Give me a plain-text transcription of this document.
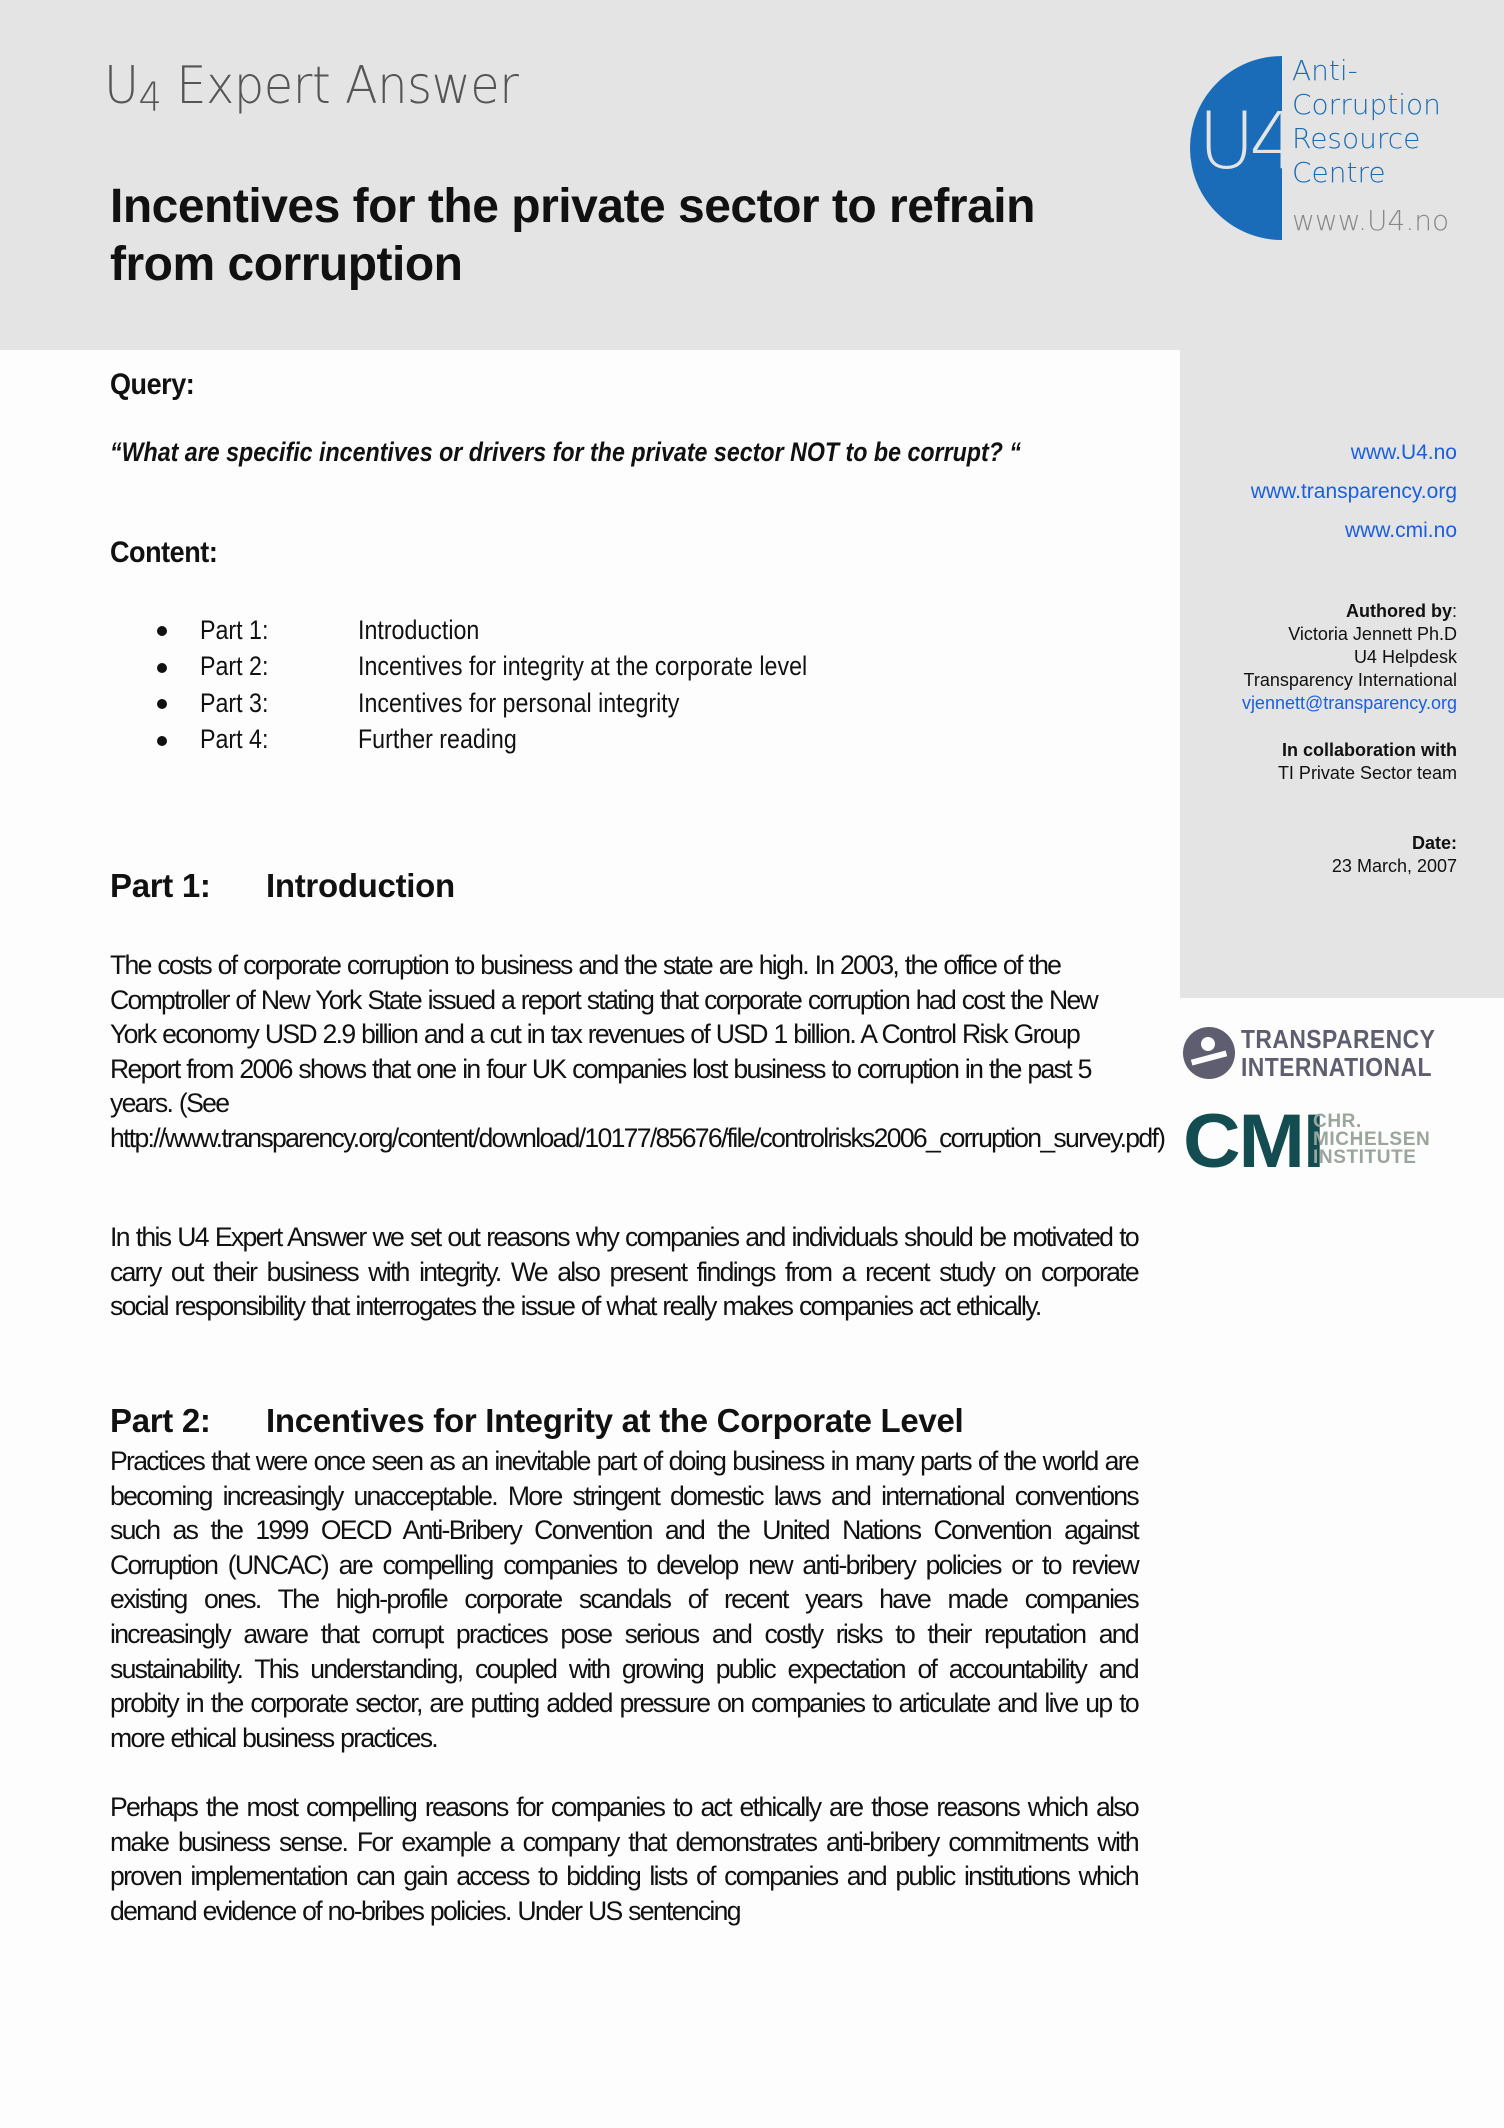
U4 Expert Answer
Incentives for the private sector to refrain from corruption
U4
Anti-
Corruption
Resource
Centre
www.U4.no
Query:
“What are specific incentives or drivers for the private sector NOT to be corrupt? “
Content:
Part 1:	Introduction
Part 2:	Incentives for integrity at the corporate level
Part 3:	Incentives for personal integrity
Part 4:	Further reading
Part 1: Introduction

The costs of corporate corruption to business and the state are high. In 2003, the office of the Comptroller of New York State issued a report stating that corporate corruption had cost the New York economy USD 2.9 billion and a cut in tax revenues of USD 1 billion. A Control Risk Group Report from 2006 shows that one in four UK companies lost business to corruption in the past 5 years. (See http://www.transparency.org/content/download/10177/85676/file/controlrisks2006_corruption_survey.pdf)

In this U4 Expert Answer we set out reasons why companies and individuals should be motivated to carry out their business with integrity. We also present findings from a recent study on corporate social responsibility that interrogates the issue of what really makes companies act ethically.

Part 2: Incentives for Integrity at the Corporate Level

Practices that were once seen as an inevitable part of doing business in many parts of the world are becoming increasingly unacceptable. More stringent domestic laws and international conventions such as the 1999 OECD Anti-Bribery Convention and the United Nations Convention against Corruption (UNCAC) are compelling companies to develop new anti-bribery policies or to review existing ones. The high-profile corporate scandals of recent years have made companies increasingly aware that corrupt practices pose serious and costly risks to their reputation and sustainability. This understanding, coupled with growing public expectation of accountability and probity in the corporate sector, are putting added pressure on companies to articulate and live up to more ethical business practices.

Perhaps the most compelling reasons for companies to act ethically are those reasons which also make business sense. For example a company that demonstrates anti-bribery commitments with proven implementation can gain access to bidding lists of companies and public institutions which demand evidence of no-bribes policies. Under US sentencing

www.U4.no
www.transparency.org
www.cmi.no
Authored by:
Victoria Jennett Ph.D
U4 Helpdesk
Transparency International
vjennett@transparency.org
In collaboration with
TI Private Sector team
Date:
23 March, 2007
TRANSPARENCY
INTERNATIONAL
CMI
CHR.
MICHELSEN
INSTITUTE
